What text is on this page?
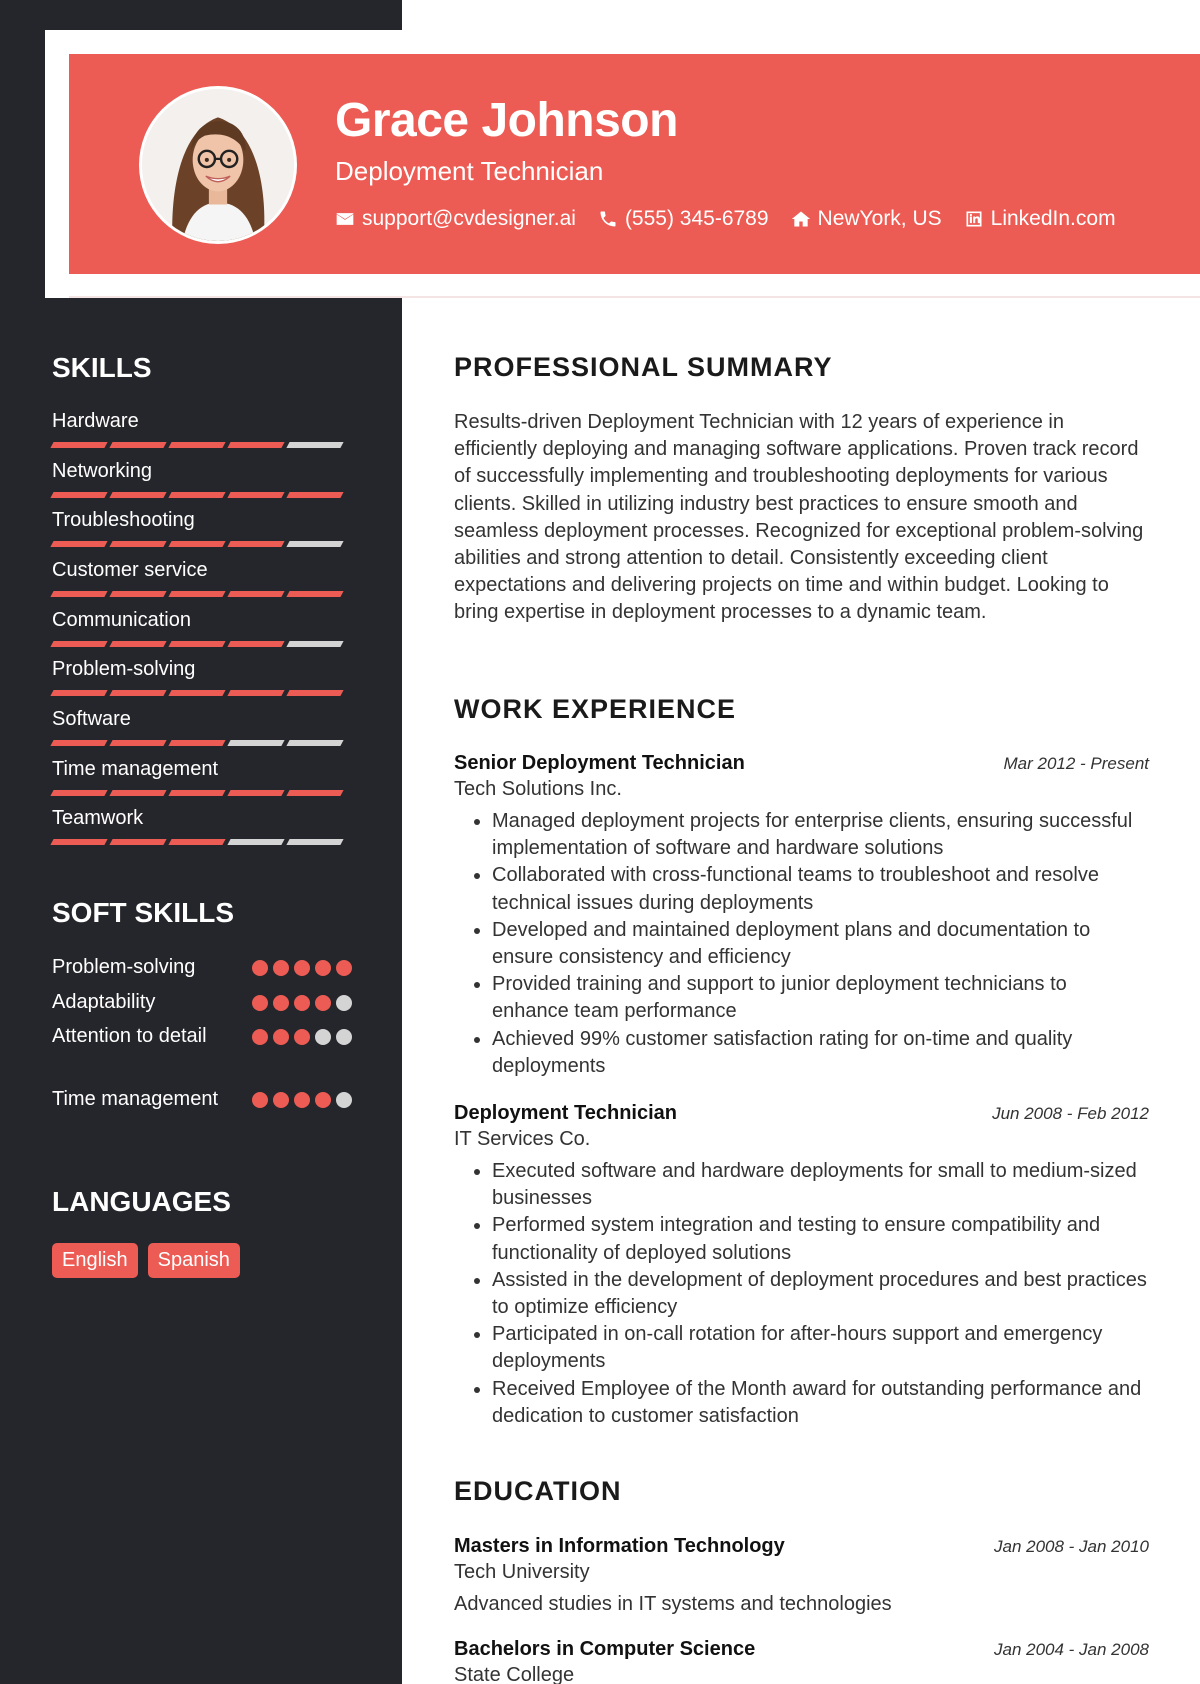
Grace Johnson
Deployment Technician
support@cvdesigner.ai (555) 345-6789 NewYork, US LinkedIn.com
SKILLS
Hardware
Networking
Troubleshooting
Customer service
Communication
Problem-solving
Software
Time management
Teamwork
SOFT SKILLS
Problem-solving
Adaptability
Attention to detail
Time management
LANGUAGES
English	Spanish
PROFESSIONAL SUMMARY
Results-driven Deployment Technician with 12 years of experience in efficiently deploying and managing software applications. Proven track record of successfully implementing and troubleshooting deployments for various clients. Skilled in utilizing industry best practices to ensure smooth and seamless deployment processes. Recognized for exceptional problem-solving abilities and strong attention to detail. Consistently exceeding client expectations and delivering projects on time and within budget. Looking to bring expertise in deployment processes to a dynamic team.
WORK EXPERIENCE
Senior Deployment Technician	Mar 2012 - Present
Tech Solutions Inc.
• Managed deployment projects for enterprise clients, ensuring successful implementation of software and hardware solutions
• Collaborated with cross-functional teams to troubleshoot and resolve technical issues during deployments
• Developed and maintained deployment plans and documentation to ensure consistency and efficiency
• Provided training and support to junior deployment technicians to enhance team performance
• Achieved 99% customer satisfaction rating for on-time and quality deployments
Deployment Technician	Jun 2008 - Feb 2012
IT Services Co.
• Executed software and hardware deployments for small to medium-sized businesses
• Performed system integration and testing to ensure compatibility and functionality of deployed solutions
• Assisted in the development of deployment procedures and best practices to optimize efficiency
• Participated in on-call rotation for after-hours support and emergency deployments
• Received Employee of the Month award for outstanding performance and dedication to customer satisfaction
EDUCATION
Masters in Information Technology	Jan 2008 - Jan 2010
Tech University
Advanced studies in IT systems and technologies
Bachelors in Computer Science	Jan 2004 - Jan 2008
State College
